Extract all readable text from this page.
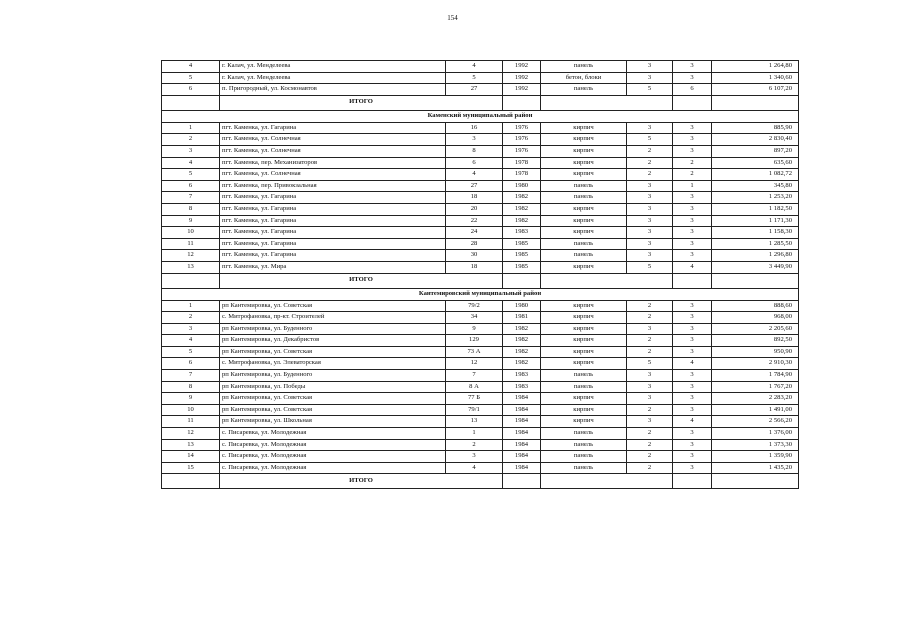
154
4	г. Калач, ул. Менделеева	4	1992	панель	3	3	1 264,80	
5	г. Калач, ул. Менделеева	5	1992	бетон, блоки	3	3	1 340,60	
6	п. Пригородный, ул. Космонавтов	27	1992	панель	5	6	6 107,20	
	ИТОГО					
Каменский муниципальный район								
1	пгт. Каменка, ул. Гагарина	16	1976	кирпич	3	3	885,90	
2	пгт. Каменка, ул. Солнечная	3	1976	кирпич	5	3	2 830,40	
3	пгт. Каменка, ул. Солнечная	8	1976	кирпич	2	3	897,20	
4	пгт. Каменка, пер. Механизаторов	6	1978	кирпич	2	2	635,60	
5	пгт. Каменка, ул. Солнечная	4	1978	кирпич	2	2	1 082,72	
6	пгт. Каменка, пер. Привокзальная	27	1980	панель	3	1	345,80	
7	пгт. Каменка, ул. Гагарина	18	1982	панель	3	3	1 253,20	
8	пгт. Каменка, ул. Гагарина	20	1982	кирпич	3	3	1 182,50	
9	пгт. Каменка, ул. Гагарина	22	1982	кирпич	3	3	1 171,30	
10	пгт. Каменка, ул. Гагарина	24	1983	кирпич	3	3	1 158,30	
11	пгт. Каменка, ул. Гагарина	28	1985	панель	3	3	1 285,50	
12	пгт. Каменка, ул. Гагарина	30	1985	панель	3	3	1 296,80	
13	пгт. Каменка, ул. Мира	18	1985	кирпич	5	4	3 449,90	
	ИТОГО					
Кантемировский муниципальный район								
1	рп Кантемировка, ул. Советская	79/2	1980	кирпич	2	3	888,60	
2	с. Митрофановка, пр-кт. Строителей	34	1981	кирпич	2	3	968,00	
3	рп Кантемировка, ул. Буденного	9	1982	кирпич	3	3	2 205,60	
4	рп Кантемировка, ул. Декабристов	129	1982	кирпич	2	3	892,50	
5	рп Кантемировка, ул. Советская	73 А	1982	кирпич	2	3	950,90	
6	с. Митрофановка, ул. Элеваторская	12	1982	кирпич	5	4	2 910,30	
7	рп Кантемировка, ул. Буденного	7	1983	панель	3	3	1 784,90	
8	рп Кантемировка, ул. Победы	8 А	1983	панель	3	3	1 767,20	
9	рп Кантемировка, ул. Советская	77 Б	1984	кирпич	3	3	2 283,20	
10	рп Кантемировка, ул. Советская	79/1	1984	кирпич	2	3	1 491,00	
11	рп Кантемировка, ул. Школьная	13	1984	кирпич	3	4	2 566,20	
12	с. Писаревка, ул. Молодежная	1	1984	панель	2	3	1 376,00	
13	с. Писаревка, ул. Молодежная	2	1984	панель	2	3	1 373,30	
14	с. Писаревка, ул. Молодежная	3	1984	панель	2	3	1 359,90	
15	с. Писаревка, ул. Молодежная	4	1984	панель	2	3	1 435,20	
	ИТОГО					
